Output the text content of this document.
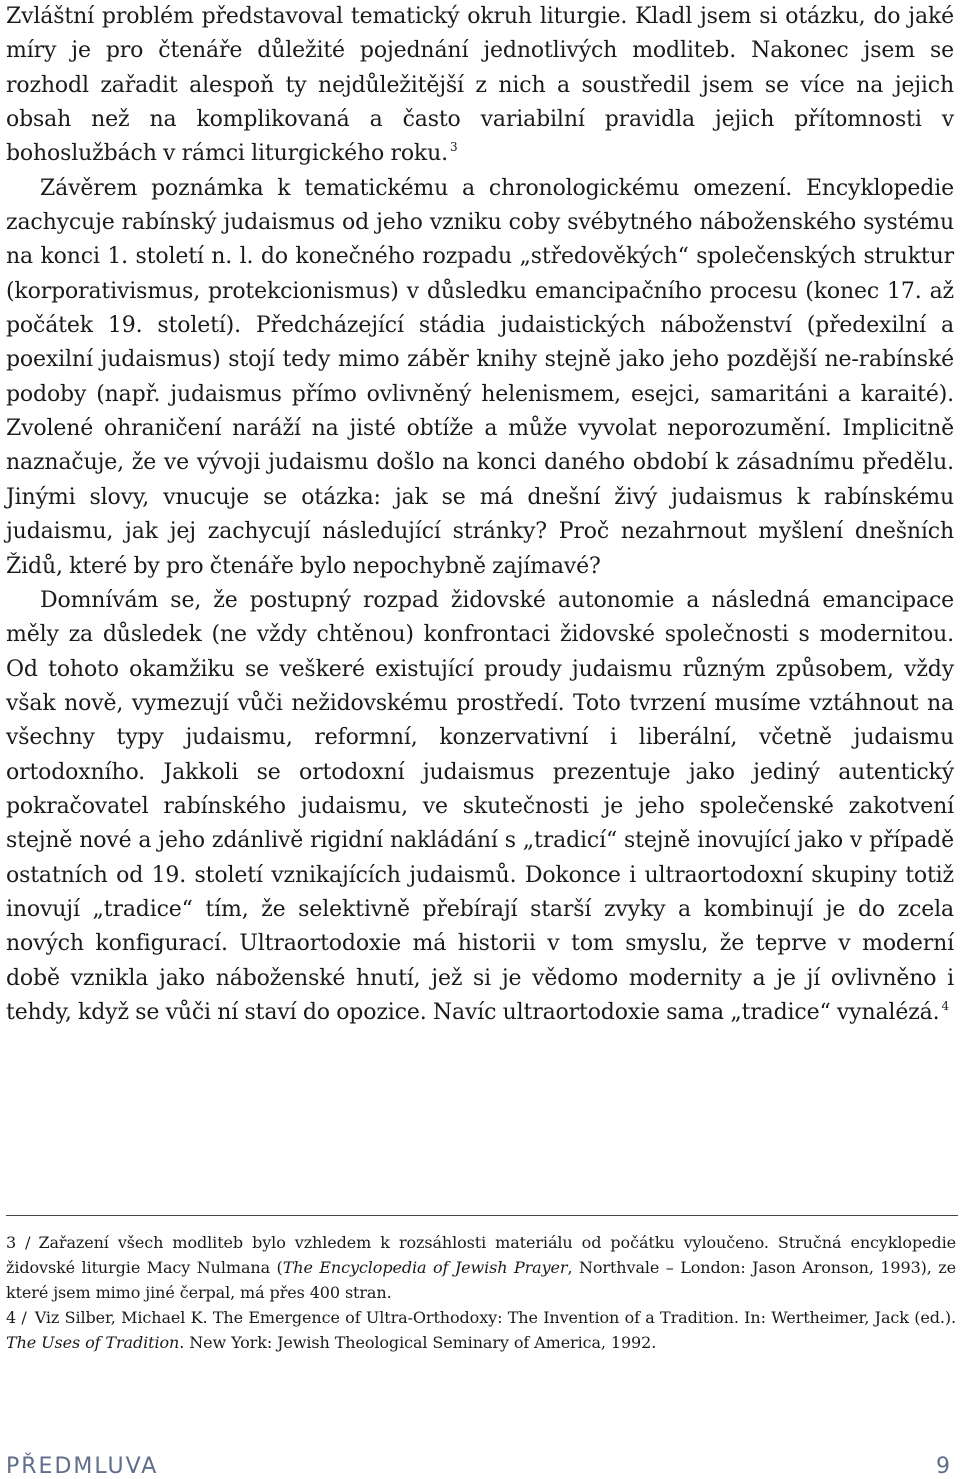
Zvláštní problém představoval tematický okruh liturgie. Kladl jsem si otázku, do jaké míry je pro čtenáře důležité pojednání jednotlivých modliteb. Nakonec jsem se rozhodl zařadit alespoň ty nejdůležitější z nich a soustředil jsem se více na jejich obsah než na komplikovaná a často variabilní pravidla jejich přítomnosti v bohoslužbách v rámci liturgického roku. $^3$

Závěrem poznámka k tematickému a chronologickému omezení. Encyklopedie zachycuje rabínský judaismus od jeho vzniku coby svébytného náboženského systému na konci 1. století n. l. do konečného rozpadu „středověkých“ společenských struktur (korporativismus, protekcionismus) v důsledku emancipačního procesu (konec 17. až počátek 19. století). Předcházející stádia judaistických náboženství (předexilní a poexilní judaismus) stojí tedy mimo záběr knihy stejně jako jeho pozdější ne-rabínské podoby (např. judaismus přímo ovlivněný helenismem, esejci, samaritáni a karaité). Zvolené ohraničení naráží na jisté obtíže a může vyvolat neporozumění. Implicitně naznačuje, že ve vývoji judaismu došlo na konci daného období k zásadnímu předělu. Jinými slovy, vnucuje se otázka: jak se má dnešní živý judaismus k rabínskému judaismu, jak jej zachycují následující stránky? Proč nezahrnout myšlení dnešních Židů, které by pro čtenáře bylo nepochybně zajímavé?

Domnívám se, že postupný rozpad židovské autonomie a následná emancipace měly za důsledek (ne vždy chtěnou) konfrontaci židovské společnosti s modernitou. Od tohoto okamžiku se veškeré existující proudy judaismu různým způsobem, vždy však nově, vymezují vůči nežidovskému prostředí. Toto tvrzení musíme vztáhnout na všechny typy judaismu, reformní, konzervativní i liberální, včetně judaismu ortodoxního. Jakkoli se ortodoxní judaismus prezentuje jako jediný autentický pokračovatel rabínského judaismu, ve skutečnosti je jeho společenské zakotvení stejně nové a jeho zdánlivě rigidní nakládání s „tradicí“ stejně inovující jako v případě ostatních od 19. století vznikajících judaismů. Dokonce i ultraortodoxní skupiny totiž inovují „tradice“ tím, že selektivně přebírají starší zvyky a kombinují je do zcela nových konfigurací. Ultraortodoxie má historii v tom smyslu, že teprve v moderní době vznikla jako náboženské hnutí, jež si je vědomo modernity a je jí ovlivněno i tehdy, když se vůči ní staví do opozice. Navíc ultraortodoxie sama „tradice“ vynalézá. $^4$

3 / Zařazení všech modliteb bylo vzhledem k rozsáhlosti materiálu od počátku vyloučeno. Stručná encyklopedie židovské liturgie Macy Nulmana (The Encyclopedia of Jewish Prayer, Northvale – London: Jason Aronson, 1993), ze které jsem mimo jiné čerpal, má přes 400 stran.

4 / Viz Silber, Michael K. The Emergence of Ultra-Orthodoxy: The Invention of a Tradition. In: Wertheimer, Jack (ed.). The Uses of Tradition. New York: Jewish Theological Seminary of America, 1992.

PŘEDMLUVA	9
